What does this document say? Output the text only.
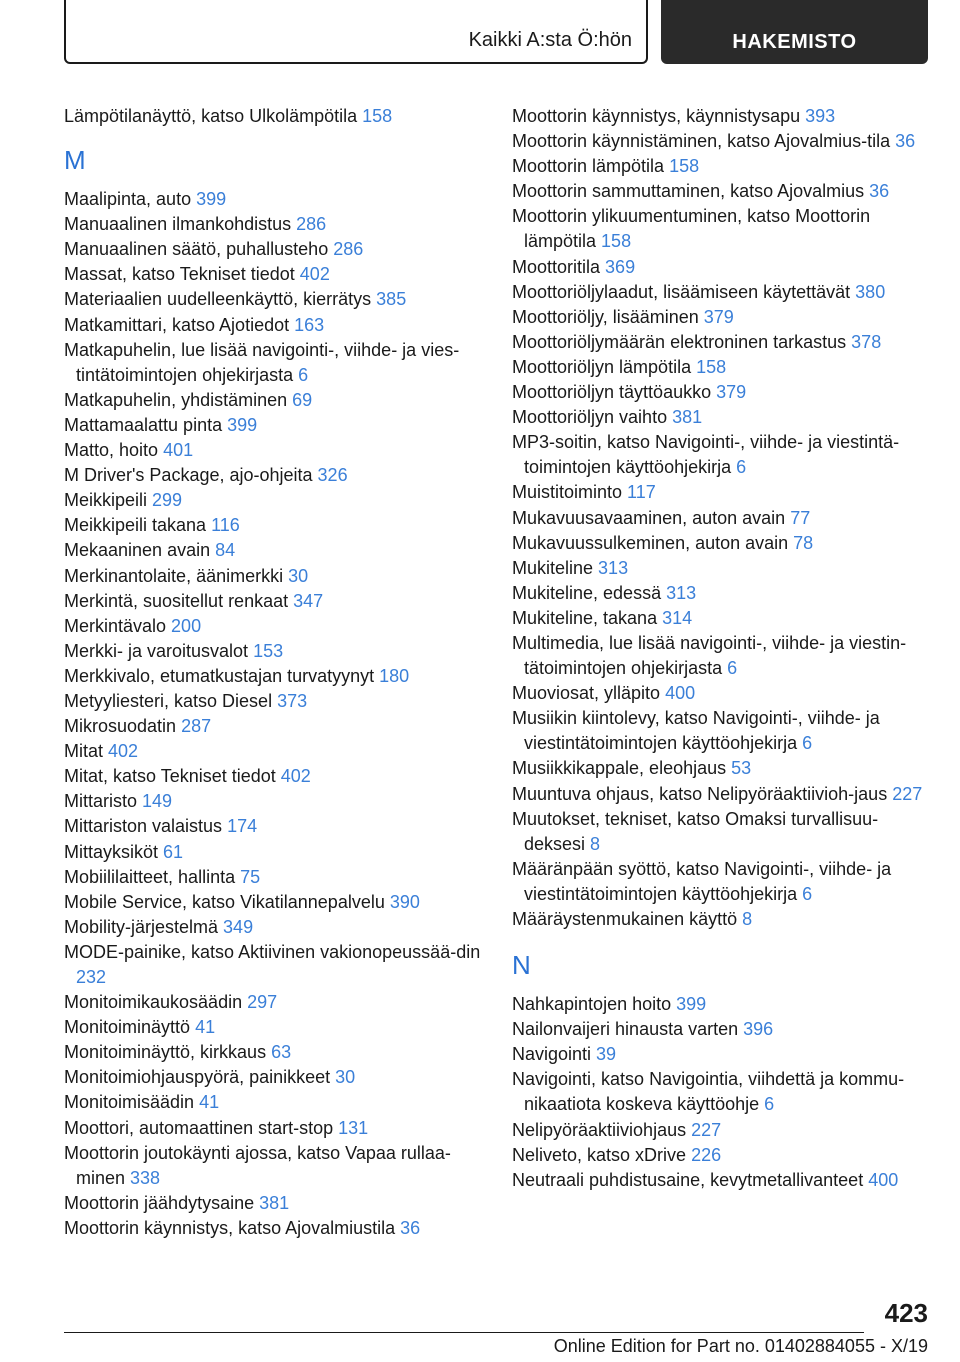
Kaikki A:sta Ö:hön	HAKEMISTO
Lämpötilanäyttö, katso Ulkolämpötila 158
M
Maalipinta, auto 399
Manuaalinen ilmankohdistus 286
Manuaalinen säätö, puhallusteho 286
Massat, katso Tekniset tiedot 402
Materiaalien uudelleenkäyttö, kierrätys 385
Matkamittari, katso Ajotiedot 163
Matkapuhelin, lue lisää navigointi-, viihde- ja vies‐tintätoimintojen ohjekirjasta 6
Matkapuhelin, yhdistäminen 69
Mattamaalattu pinta 399
Matto, hoito 401
M Driver's Package, ajo-ohjeita 326
Meikkipeili 299
Meikkipeili takana 116
Mekaaninen avain 84
Merkinantolaite, äänimerkki 30
Merkintä, suositellut renkaat 347
Merkintävalo 200
Merkki- ja varoitusvalot 153
Merkkivalo, etumatkustajan turvatyynyt 180
Metyyliesteri, katso Diesel 373
Mikrosuodatin 287
Mitat 402
Mitat, katso Tekniset tiedot 402
Mittaristo 149
Mittariston valaistus 174
Mittayksiköt 61
Mobiililaitteet, hallinta 75
Mobile Service, katso Vikatilannepalvelu 390
Mobility-järjestelmä 349
MODE-painike, katso Aktiivinen vakionopeussää‐din 232
Monitoimikaukosäädin 297
Monitoiminäyttö 41
Monitoiminäyttö, kirkkaus 63
Monitoimiohjauspyörä, painikkeet 30
Monitoimisäädin 41
Moottori, automaattinen start-stop 131
Moottorin joutokäynti ajossa, katso Vapaa rullaa‐minen 338
Moottorin jäähdytysaine 381
Moottorin käynnistys, katso Ajovalmiustila 36
Moottorin käynnistys, käynnistysapu 393
Moottorin käynnistäminen, katso Ajovalmius‐tila 36
Moottorin lämpötila 158
Moottorin sammuttaminen, katso Ajovalmius 36
Moottorin ylikuumentuminen, katso Moottorin lämpötila 158
Moottoritila 369
Moottoriöljylaadut, lisäämiseen käytettävät 380
Moottoriöljy, lisääminen 379
Moottoriöljymäärän elektroninen tarkastus 378
Moottoriöljyn lämpötila 158
Moottoriöljyn täyttöaukko 379
Moottoriöljyn vaihto 381
MP3-soitin, katso Navigointi-, viihde- ja viestintä‐toimintojen käyttöohjekirja 6
Muistitoiminto 117
Mukavuusavaaminen, auton avain 77
Mukavuussulkeminen, auton avain 78
Mukiteline 313
Mukiteline, edessä 313
Mukiteline, takana 314
Multimedia, lue lisää navigointi-, viihde- ja viestin‐tätoimintojen ohjekirjasta 6
Muoviosat, ylläpito 400
Musiikin kiintolevy, katso Navigointi-, viihde- ja viestintätoimintojen käyttöohjekirja 6
Musiikkikappale, eleohjaus 53
Muuntuva ohjaus, katso Nelipyöräaktiivioh‐jaus 227
Muutokset, tekniset, katso Omaksi turvallisuu‐deksesi 8
Määränpään syöttö, katso Navigointi-, viihde- ja viestintätoimintojen käyttöohjekirja 6
Määräystenmukainen käyttö 8
N
Nahkapintojen hoito 399
Nailonvaijeri hinausta varten 396
Navigointi 39
Navigointi, katso Navigointia, viihdettä ja kommu‐nikaatiota koskeva käyttöohje 6
Nelipyöräaktiiviohjaus 227
Neliveto, katso xDrive 226
Neutraali puhdistusaine, kevytmetallivanteet 400
423
Online Edition for Part no. 01402884055 - X/19
